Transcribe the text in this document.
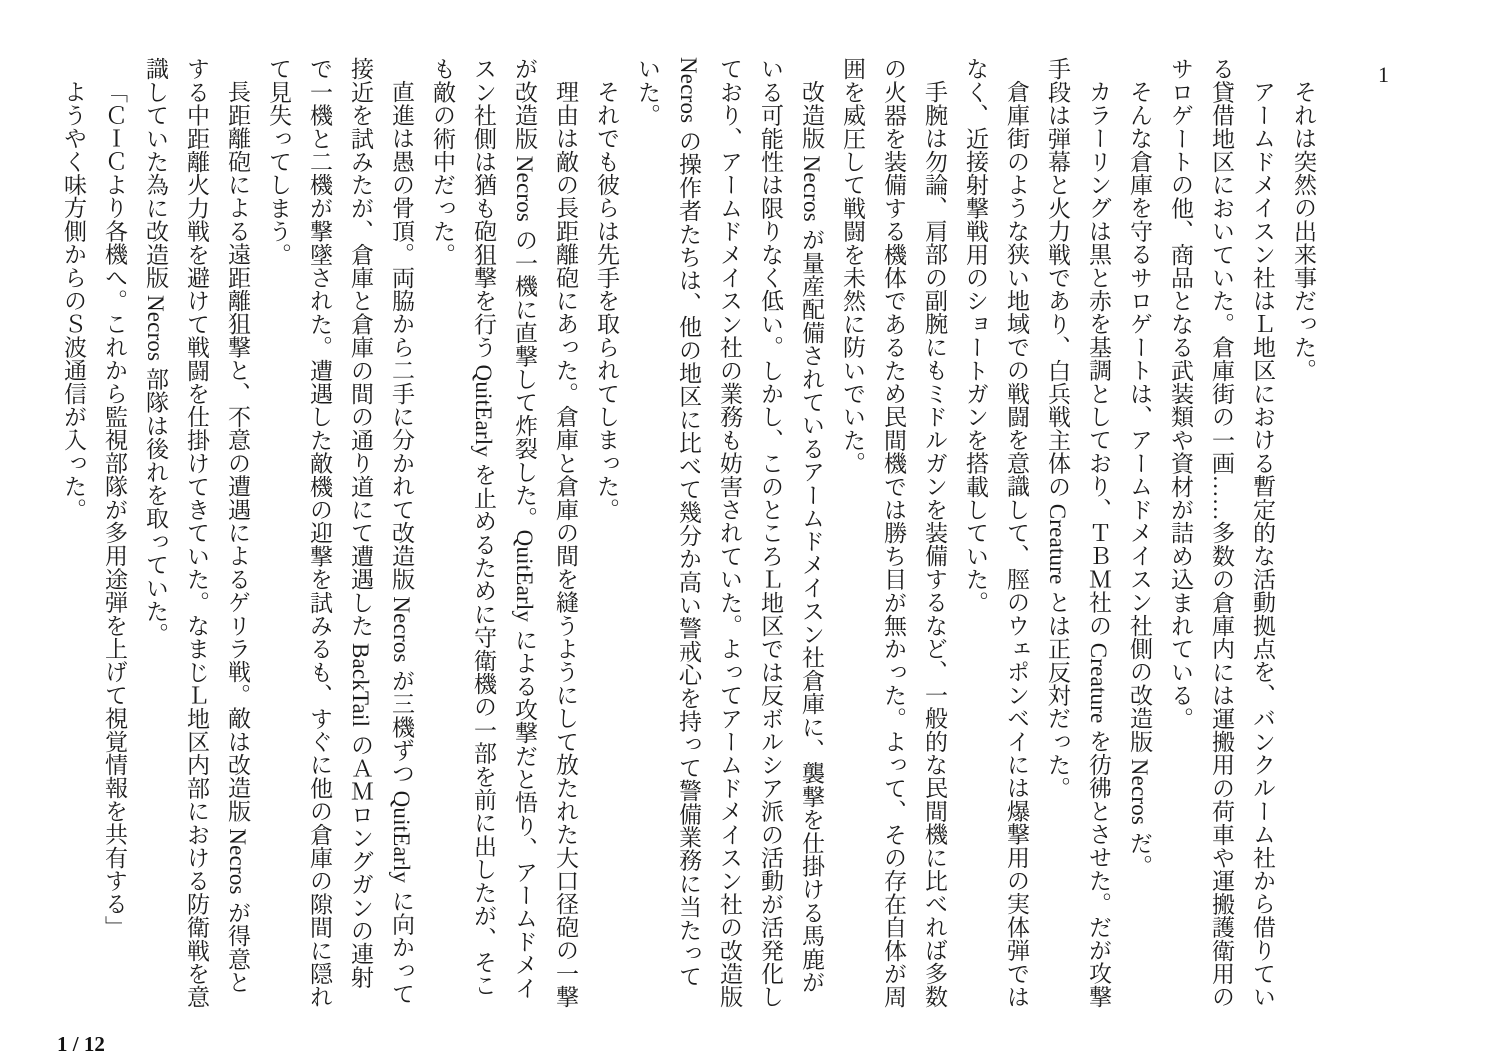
1

それは突然の出来事だった。

アームドメイスン社はＬ地区における暫定的な活動拠点を、バンクルーム社から借りている貸借地区においていた。倉庫街の一画……多数の倉庫内には運搬用の荷車や運搬護衛用のサロゲートの他、商品となる武装類や資材が詰め込まれている。

そんな倉庫を守るサロゲートは、アームドメイスン社側の改造版 Necros だ。

カラーリングは黒と赤を基調としており、ＴＢＭ社の Creature を彷彿とさせた。だが攻撃手段は弾幕と火力戦であり、白兵戦主体の Creature とは正反対だった。

倉庫街のような狭い地域での戦闘を意識して、脛のウェポンベイには爆撃用の実体弾ではなく、近接射撃戦用のショートガンを搭載していた。

手腕は勿論、肩部の副腕にもミドルガンを装備するなど、一般的な民間機に比べれば多数の火器を装備する機体であるため民間機では勝ち目が無かった。よって、その存在自体が周囲を威圧して戦闘を未然に防いでいた。

改造版 Necros が量産配備されているアームドメイスン社倉庫に、襲撃を仕掛ける馬鹿がいる可能性は限りなく低い。しかし、このところＬ地区では反ボルシア派の活動が活発化しており、アームドメイスン社の業務も妨害されていた。よってアームドメイスン社の改造版 Necros の操作者たちは、他の地区に比べて幾分か高い警戒心を持って警備業務に当たっていた。

それでも彼らは先手を取られてしまった。

理由は敵の長距離砲にあった。倉庫と倉庫の間を縫うようにして放たれた大口径砲の一撃が改造版 Necros の一機に直撃して炸裂した。QuitEarly による攻撃だと悟り、アームドメイスン社側は猶も砲狙撃を行う QuitEarly を止めるために守衛機の一部を前に出したが、そこも敵の術中だった。

直進は愚の骨頂。両脇から二手に分かれて改造版 Necros が三機ずつ QuitEarly に向かって接近を試みたが、倉庫と倉庫の間の通り道にて遭遇した BackTail のＡＭロングガンの連射で一機と二機が撃墜された。遭遇した敵機の迎撃を試みるも、すぐに他の倉庫の隙間に隠れて見失ってしまう。

長距離砲による遠距離狙撃と、不意の遭遇によるゲリラ戦。敵は改造版 Necros が得意とする中距離火力戦を避けて戦闘を仕掛けてきていた。なまじＬ地区内部における防衛戦を意識していた為に改造版 Necros 部隊は後れを取っていた。

「ＣＩＣより各機へ。これから監視部隊が多用途弾を上げて視覚情報を共有する」

ようやく味方側からのＳ波通信が入った。

1 / 12
